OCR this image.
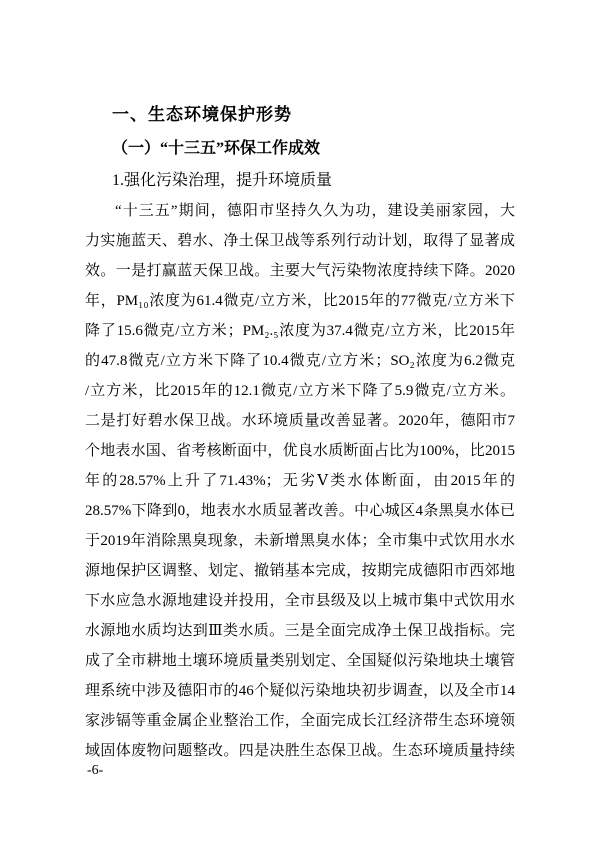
一、生态环境保护形势
（一）“十三五”环保工作成效
1.强化污染治理，提升环境质量
“十三五”期间，德阳市坚持久久为功，建设美丽家园，大
力实施蓝天、碧水、净土保卫战等系列行动计划，取得了显著成
效。一是打赢蓝天保卫战。主要大气污染物浓度持续下降。2020
年，PM₁₀浓度为61.4微克/立方米，比2015年的77微克/立方米下
降了15.6微克/立方米；PM₂.₅浓度为37.4微克/立方米，比2015年
的47.8微克/立方米下降了10.4微克/立方米；SO₂浓度为6.2微克
/立方米，比2015年的12.1微克/立方米下降了5.9微克/立方米。
二是打好碧水保卫战。水环境质量改善显著。2020年，德阳市7
个地表水国、省考核断面中，优良水质断面占比为100%，比2015
年的28.57%上升了71.43%；无劣Ⅴ类水体断面，由2015年的
28.57%下降到0，地表水水质显著改善。中心城区4条黑臭水体已
于2019年消除黑臭现象，未新增黑臭水体；全市集中式饮用水水
源地保护区调整、划定、撤销基本完成，按期完成德阳市西郊地
下水应急水源地建设并投用，全市县级及以上城市集中式饮用水
水源地水质均达到Ⅲ类水质。三是全面完成净土保卫战指标。完
成了全市耕地土壤环境质量类别划定、全国疑似污染地块土壤管
理系统中涉及德阳市的46个疑似污染地块初步调查，以及全市14
家涉镉等重金属企业整治工作，全面完成长江经济带生态环境领
域固体废物问题整改。四是决胜生态保卫战。生态环境质量持续
-6-
